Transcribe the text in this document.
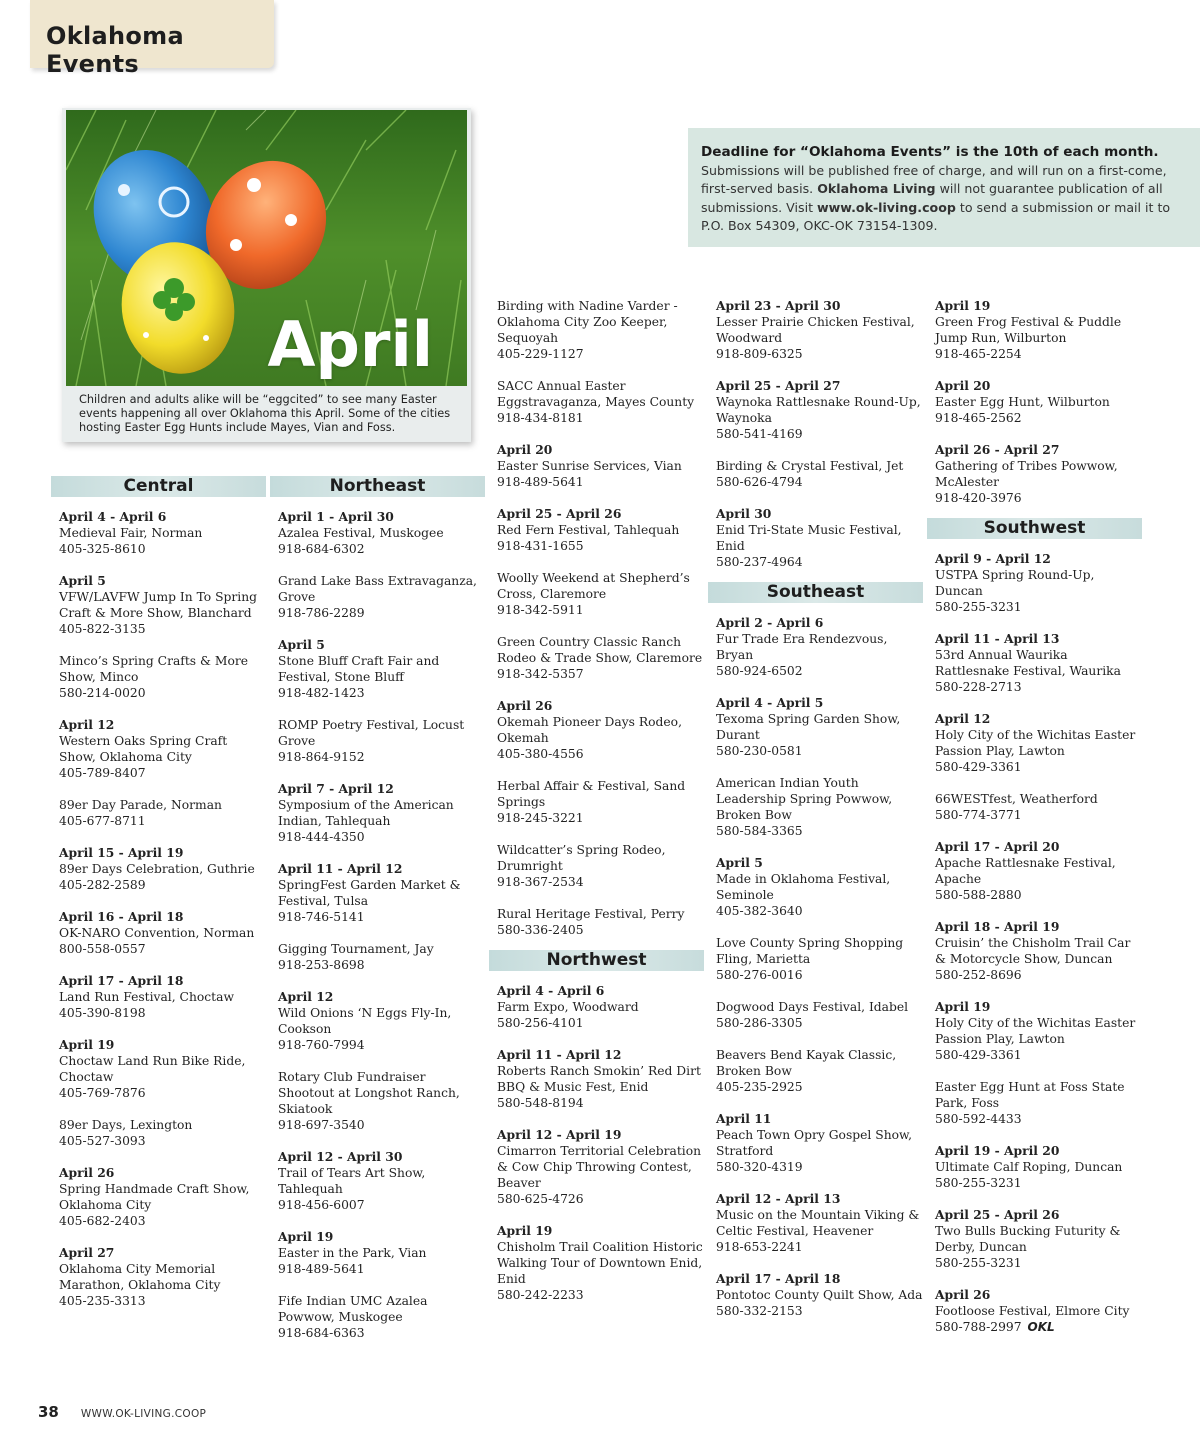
Oklahoma Events
April
Children and adults alike will be “eggcited” to see many Easter events happening all over Oklahoma this April. Some of the cities hosting Easter Egg Hunts include Mayes, Vian and Foss.
Deadline for “Oklahoma Events” is the 10th of each month.
Submissions will be published free of charge, and will run on a first-come, first-served basis. Oklahoma Living will not guarantee publication of all submissions. Visit www.ok-living.coop to send a submission or mail it to P.O. Box 54309, OKC-OK 73154-1309.
Central
April 4 - April 6
Medieval Fair, Norman
405-325-8610
April 5
VFW/LAVFW Jump In To Spring Craft & More Show, Blanchard
405-822-3135
Minco’s Spring Crafts & More Show, Minco
580-214-0020
April 12
Western Oaks Spring Craft Show, Oklahoma City
405-789-8407
89er Day Parade, Norman
405-677-8711
April 15 - April 19
89er Days Celebration, Guthrie
405-282-2589
April 16 - April 18
OK-NARO Convention, Norman
800-558-0557
April 17 - April 18
Land Run Festival, Choctaw
405-390-8198
April 19
Choctaw Land Run Bike Ride, Choctaw
405-769-7876
89er Days, Lexington
405-527-3093
April 26
Spring Handmade Craft Show, Oklahoma City
405-682-2403
April 27
Oklahoma City Memorial Marathon, Oklahoma City
405-235-3313
Northeast
April 1 - April 30
Azalea Festival, Muskogee
918-684-6302
Grand Lake Bass Extravaganza, Grove
918-786-2289
April 5
Stone Bluff Craft Fair and Festival, Stone Bluff
918-482-1423
ROMP Poetry Festival, Locust Grove
918-864-9152
April 7 - April 12
Symposium of the American Indian, Tahlequah
918-444-4350
April 11 - April 12
SpringFest Garden Market & Festival, Tulsa
918-746-5141
Gigging Tournament, Jay
918-253-8698
April 12
Wild Onions ‘N Eggs Fly-In, Cookson
918-760-7994
Rotary Club Fundraiser Shootout at Longshot Ranch, Skiatook
918-697-3540
April 12 - April 30
Trail of Tears Art Show, Tahlequah
918-456-6007
April 19
Easter in the Park, Vian
918-489-5641
Fife Indian UMC Azalea Powwow, Muskogee
918-684-6363
Birding with Nadine Varder - Oklahoma City Zoo Keeper, Sequoyah
405-229-1127
SACC Annual Easter Eggstravaganza, Mayes County
918-434-8181
April 20
Easter Sunrise Services, Vian
918-489-5641
April 25 - April 26
Red Fern Festival, Tahlequah
918-431-1655
Woolly Weekend at Shepherd’s Cross, Claremore
918-342-5911
Green Country Classic Ranch Rodeo & Trade Show, Claremore
918-342-5357
April 26
Okemah Pioneer Days Rodeo, Okemah
405-380-4556
Herbal Affair & Festival, Sand Springs
918-245-3221
Wildcatter’s Spring Rodeo, Drumright
918-367-2534
Rural Heritage Festival, Perry
580-336-2405
Northwest
April 4 - April 6
Farm Expo, Woodward
580-256-4101
April 11 - April 12
Roberts Ranch Smokin’ Red Dirt BBQ & Music Fest, Enid
580-548-8194
April 12 - April 19
Cimarron Territorial Celebration & Cow Chip Throwing Contest, Beaver
580-625-4726
April 19
Chisholm Trail Coalition Historic Walking Tour of Downtown Enid, Enid
580-242-2233
April 23 - April 30
Lesser Prairie Chicken Festival, Woodward
918-809-6325
April 25 - April 27
Waynoka Rattlesnake Round-Up, Waynoka
580-541-4169
Birding & Crystal Festival, Jet
580-626-4794
April 30
Enid Tri-State Music Festival, Enid
580-237-4964
Southeast
April 2 - April 6
Fur Trade Era Rendezvous, Bryan
580-924-6502
April 4 - April 5
Texoma Spring Garden Show, Durant
580-230-0581
American Indian Youth Leadership Spring Powwow, Broken Bow
580-584-3365
April 5
Made in Oklahoma Festival, Seminole
405-382-3640
Love County Spring Shopping Fling, Marietta
580-276-0016
Dogwood Days Festival, Idabel
580-286-3305
Beavers Bend Kayak Classic, Broken Bow
405-235-2925
April 11
Peach Town Opry Gospel Show, Stratford
580-320-4319
April 12 - April 13
Music on the Mountain Viking & Celtic Festival, Heavener
918-653-2241
April 17 - April 18
Pontotoc County Quilt Show, Ada
580-332-2153
April 19
Green Frog Festival & Puddle Jump Run, Wilburton
918-465-2254
April 20
Easter Egg Hunt, Wilburton
918-465-2562
April 26 - April 27
Gathering of Tribes Powwow, McAlester
918-420-3976
Southwest
April 9 - April 12
USTPA Spring Round-Up, Duncan
580-255-3231
April 11 - April 13
53rd Annual Waurika Rattlesnake Festival, Waurika
580-228-2713
April 12
Holy City of the Wichitas Easter Passion Play, Lawton
580-429-3361
66WESTfest, Weatherford
580-774-3771
April 17 - April 20
Apache Rattlesnake Festival, Apache
580-588-2880
April 18 - April 19
Cruisin’ the Chisholm Trail Car & Motorcycle Show, Duncan
580-252-8696
April 19
Holy City of the Wichitas Easter Passion Play, Lawton
580-429-3361
Easter Egg Hunt at Foss State Park, Foss
580-592-4433
April 19 - April 20
Ultimate Calf Roping, Duncan
580-255-3231
April 25 - April 26
Two Bulls Bucking Futurity & Derby, Duncan
580-255-3231
April 26
Footloose Festival, Elmore City
580-788-2997 OKL
38 WWW.OK-LIVING.COOP
